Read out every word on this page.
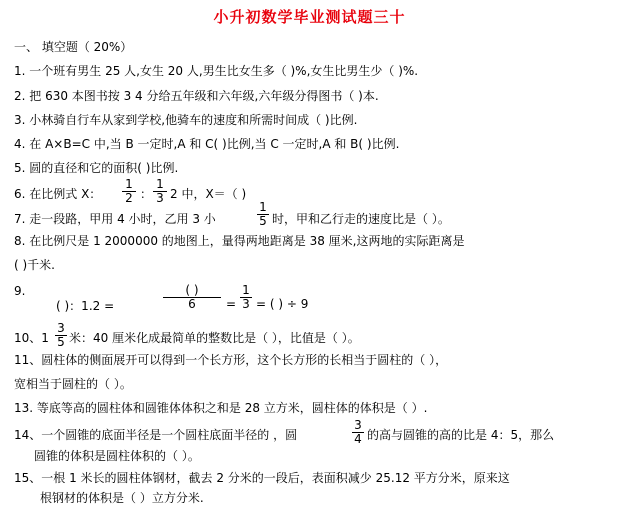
小升初数学毕业测试题三十
一、 填空题（ 20%）
1. 一个班有男生 25 人,女生 20 人,男生比女生多（ )%,女生比男生少（ )%.
2. 把 630 本图书按 3 4 分给五年级和六年级,六年级分得图书（ )本.
3. 小林骑自行车从家到学校,他骑车的速度和所需时间成（ )比例.
4. 在 A×B=C 中,当 B 一定时,A 和 C( )比例,当 C 一定时,A 和 B( )比例.
5. 圆的直径和它的面积( )比例.
6. 在比例式 X： $\frac{1}{2}$ ： $\frac{1}{3} 2$ 中，X＝（ )
7. 走一段路，甲用 4 小时，乙用 3 小	$\frac{1}{5}$ 时，甲和乙行走的速度比是（ ）。
8. 在比例尺是 1 2000000 的地图上，量得两地距离是 38 厘米,这两地的实际距离是
( )千米.
9.
( )：1.2 =
( )
6	= $\frac{1}{3}$ = ( ) ÷ 9
10、$1 \frac{3}{5}$ 米：40 厘米化成最简单的整数比是（ ），比值是（ ）。
11、圆柱体的侧面展开可以得到一个长方形，这个长方形的长相当于圆柱的（ ），
宽相当于圆柱的（ ）。
13. 等底等高的圆柱体和圆锥体体积之和是 28 立方米，圆柱体的体积是（ ）.
14、一个圆锥的底面半径是一个圆柱底面半径的 ，圆	$\frac{3}{4}$ 的高与圆锥的高的比是 4：5，那么
圆锥的体积是圆柱体积的（ ）。
15、一根 1 米长的圆柱体钢材，截去 2 分米的一段后，表面积减少 25.12 平方分米，原来这
根钢材的体积是（ ）立方分米.
